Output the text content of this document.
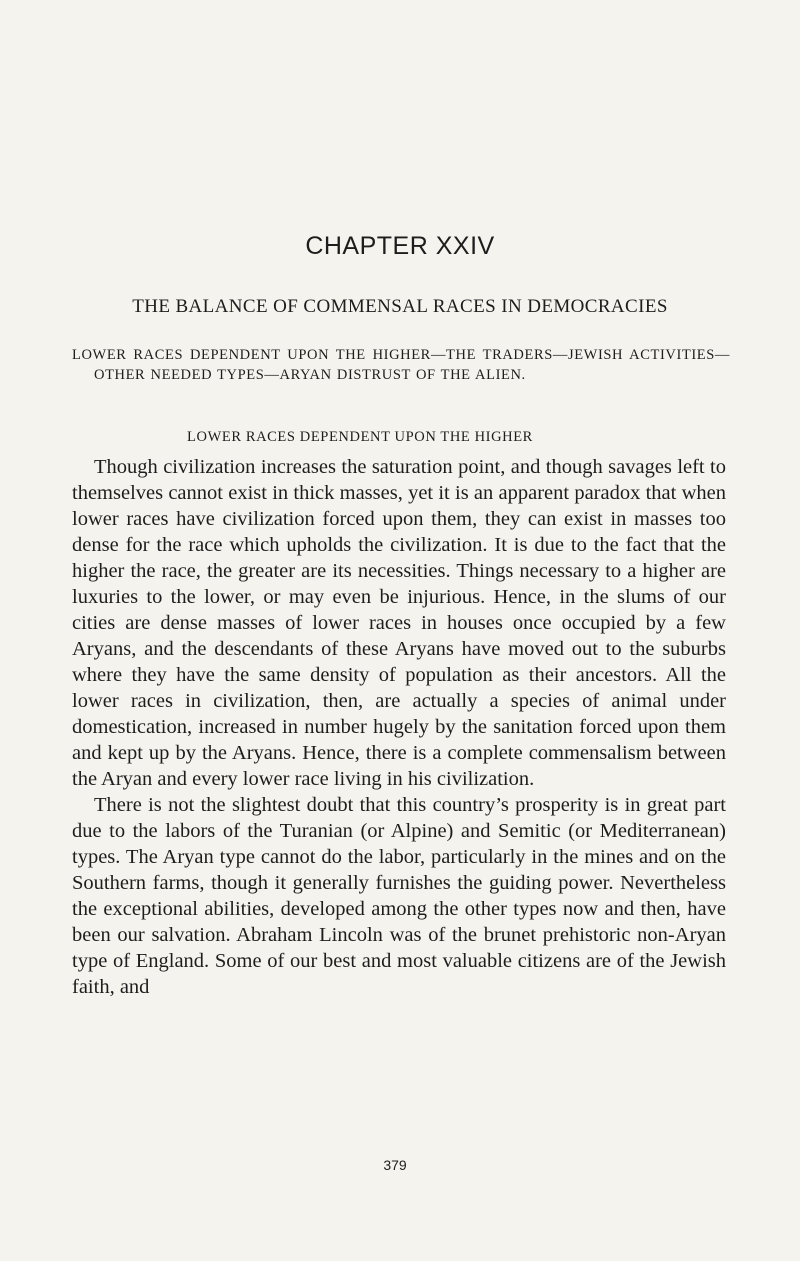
CHAPTER XXIV
THE BALANCE OF COMMENSAL RACES IN DEMOCRACIES

LOWER RACES DEPENDENT UPON THE HIGHER—THE TRADERS—JEWISH ACTIVITIES—OTHER NEEDED TYPES—ARYAN DISTRUST OF THE ALIEN.

LOWER RACES DEPENDENT UPON THE HIGHER

Though civilization increases the saturation point, and though savages left to themselves cannot exist in thick masses, yet it is an apparent paradox that when lower races have civilization forced upon them, they can exist in masses too dense for the race which upholds the civilization. It is due to the fact that the higher the race, the greater are its necessities. Things necessary to a higher are luxuries to the lower, or may even be injurious. Hence, in the slums of our cities are dense masses of lower races in houses once occupied by a few Aryans, and the descendants of these Aryans have moved out to the suburbs where they have the same density of population as their ancestors. All the lower races in civilization, then, are actually a species of animal under domestication, increased in number hugely by the sanitation forced upon them and kept up by the Aryans. Hence, there is a complete commensalism between the Aryan and every lower race living in his civilization.

There is not the slightest doubt that this country’s prosperity is in great part due to the labors of the Turanian (or Alpine) and Semitic (or Mediterranean) types. The Aryan type cannot do the labor, particularly in the mines and on the Southern farms, though it generally furnishes the guiding power. Nevertheless the exceptional abilities, developed among the other types now and then, have been our salvation. Abraham Lincoln was of the brunet prehistoric non-Aryan type of England. Some of our best and most valuable citizens are of the Jewish faith, and

379
